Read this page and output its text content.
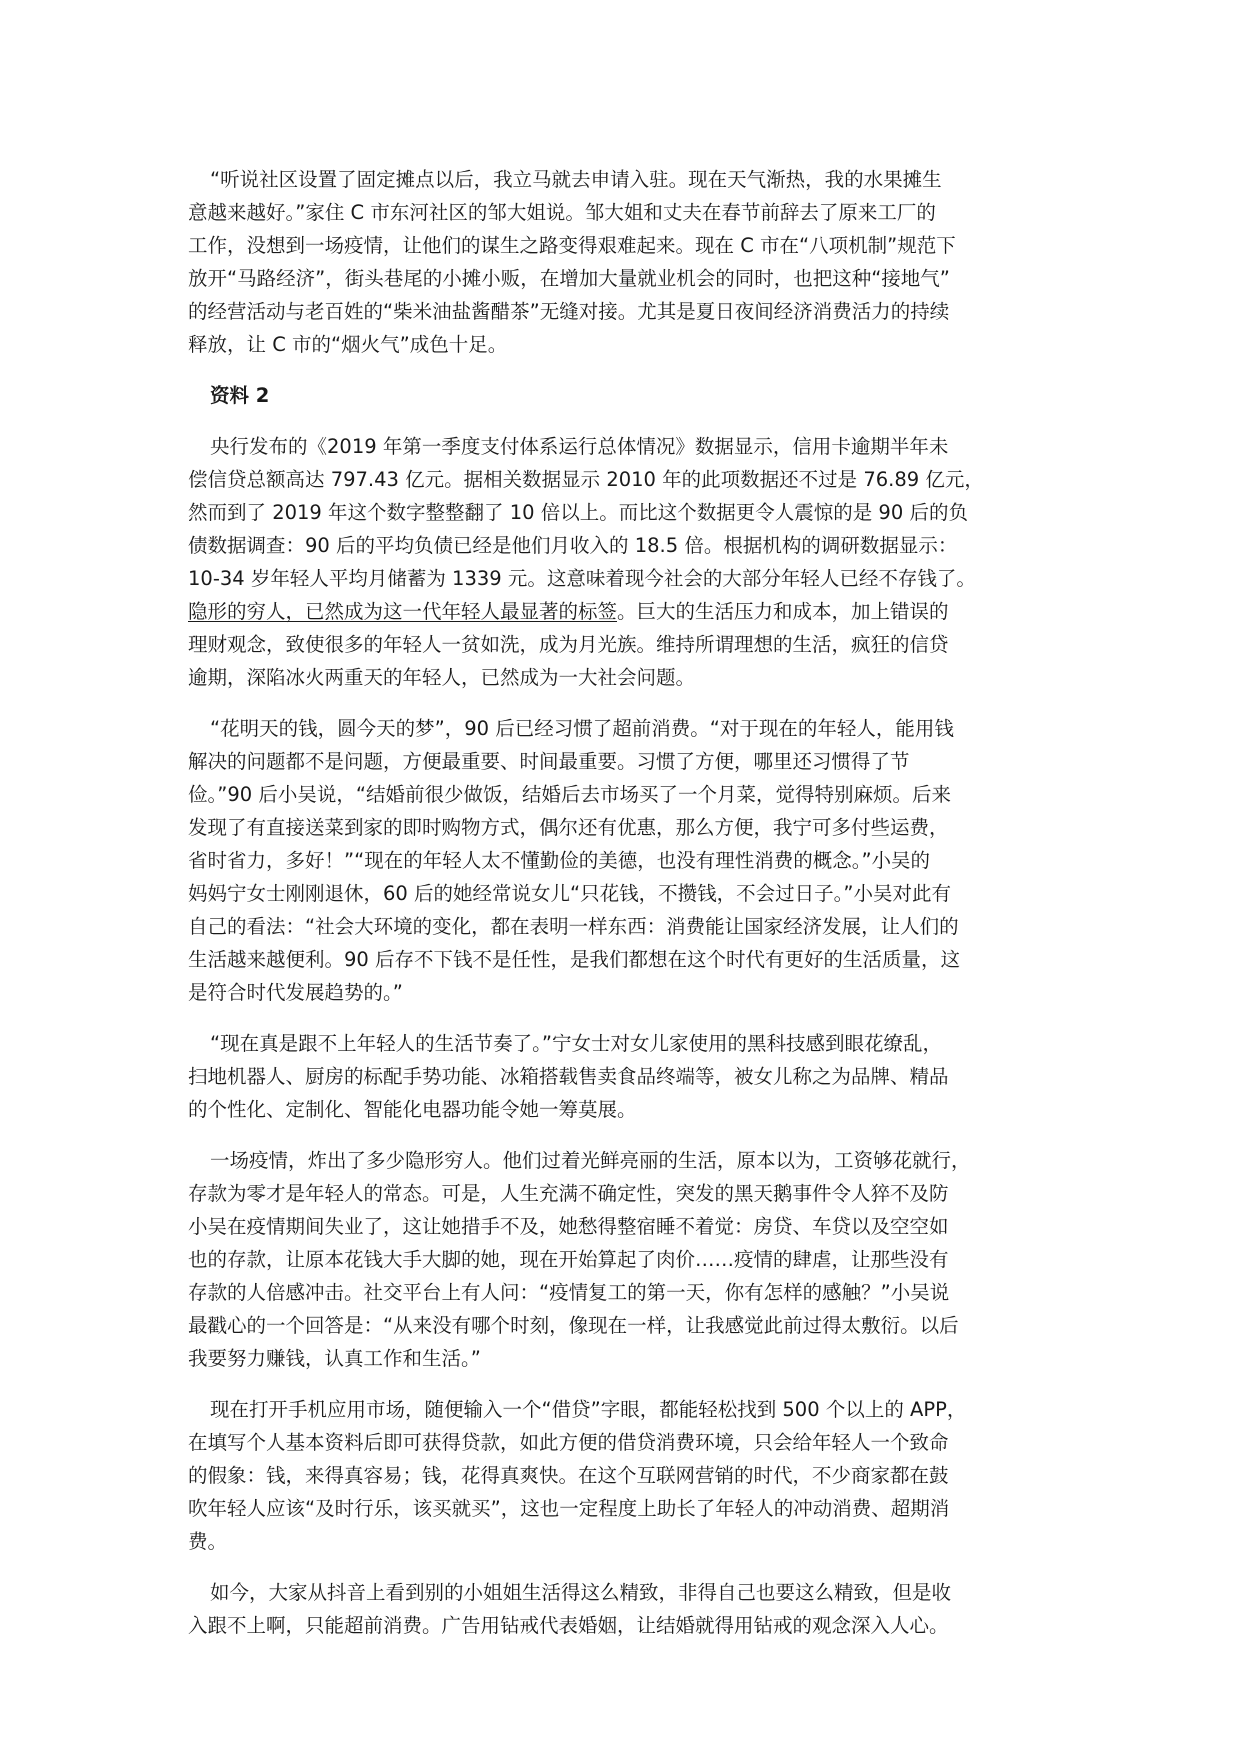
“听说社区设置了固定摊点以后，我立马就去申请入驻。现在天气渐热，我的水果摊生
意越来越好。”家住 C 市东河社区的邹大姐说。邹大姐和丈夫在春节前辞去了原来工厂的
工作，没想到一场疫情，让他们的谋生之路变得艰难起来。现在 C 市在“八项机制”规范下
放开“马路经济”，街头巷尾的小摊小贩，在增加大量就业机会的同时，也把这种“接地气”
的经营活动与老百姓的“柴米油盐酱醋茶”无缝对接。尤其是夏日夜间经济消费活力的持续
释放，让 C 市的“烟火气”成色十足。

资料 2

央行发布的《2019 年第一季度支付体系运行总体情况》数据显示，信用卡逾期半年未
偿信贷总额高达 797.43 亿元。据相关数据显示 2010 年的此项数据还不过是 76.89 亿元，
然而到了 2019 年这个数字整整翻了 10 倍以上。而比这个数据更令人震惊的是 90 后的负
债数据调查：90 后的平均负债已经是他们月收入的 18.5 倍。根据机构的调研数据显示：
10-34 岁年轻人平均月储蓄为 1339 元。这意味着现今社会的大部分年轻人已经不存钱了。
隐形的穷人，已然成为这一代年轻人最显著的标签。巨大的生活压力和成本，加上错误的
理财观念，致使很多的年轻人一贫如洗，成为月光族。维持所谓理想的生活，疯狂的信贷
逾期，深陷冰火两重天的年轻人，已然成为一大社会问题。

“花明天的钱，圆今天的梦”，90 后已经习惯了超前消费。“对于现在的年轻人，能用钱
解决的问题都不是问题，方便最重要、时间最重要。习惯了方便，哪里还习惯得了节
俭。”90 后小吴说，“结婚前很少做饭，结婚后去市场买了一个月菜，觉得特别麻烦。后来
发现了有直接送菜到家的即时购物方式，偶尔还有优惠，那么方便，我宁可多付些运费，
省时省力，多好！”“现在的年轻人太不懂勤俭的美德，也没有理性消费的概念。”小吴的
妈妈宁女士刚刚退休，60 后的她经常说女儿“只花钱，不攒钱，不会过日子。”小吴对此有
自己的看法：“社会大环境的变化，都在表明一样东西：消费能让国家经济发展，让人们的
生活越来越便利。90 后存不下钱不是任性，是我们都想在这个时代有更好的生活质量，这
是符合时代发展趋势的。”

“现在真是跟不上年轻人的生活节奏了。”宁女士对女儿家使用的黑科技感到眼花缭乱，
扫地机器人、厨房的标配手势功能、冰箱搭载售卖食品终端等，被女儿称之为品牌、精品
的个性化、定制化、智能化电器功能令她一筹莫展。

一场疫情，炸出了多少隐形穷人。他们过着光鲜亮丽的生活，原本以为，工资够花就行，
存款为零才是年轻人的常态。可是，人生充满不确定性，突发的黑天鹅事件令人猝不及防
小吴在疫情期间失业了，这让她措手不及，她愁得整宿睡不着觉：房贷、车贷以及空空如
也的存款，让原本花钱大手大脚的她，现在开始算起了肉价……疫情的肆虐，让那些没有
存款的人倍感冲击。社交平台上有人问：“疫情复工的第一天，你有怎样的感触？”小吴说
最戳心的一个回答是：“从来没有哪个时刻，像现在一样，让我感觉此前过得太敷衍。以后
我要努力赚钱，认真工作和生活。”

现在打开手机应用市场，随便输入一个“借贷”字眼，都能轻松找到 500 个以上的 APP，
在填写个人基本资料后即可获得贷款，如此方便的借贷消费环境，只会给年轻人一个致命
的假象：钱，来得真容易；钱，花得真爽快。在这个互联网营销的时代，不少商家都在鼓
吹年轻人应该“及时行乐，该买就买”，这也一定程度上助长了年轻人的冲动消费、超期消
费。

如今，大家从抖音上看到别的小姐姐生活得这么精致，非得自己也要这么精致，但是收
入跟不上啊，只能超前消费。广告用钻戒代表婚姻，让结婚就得用钻戒的观念深入人心。
